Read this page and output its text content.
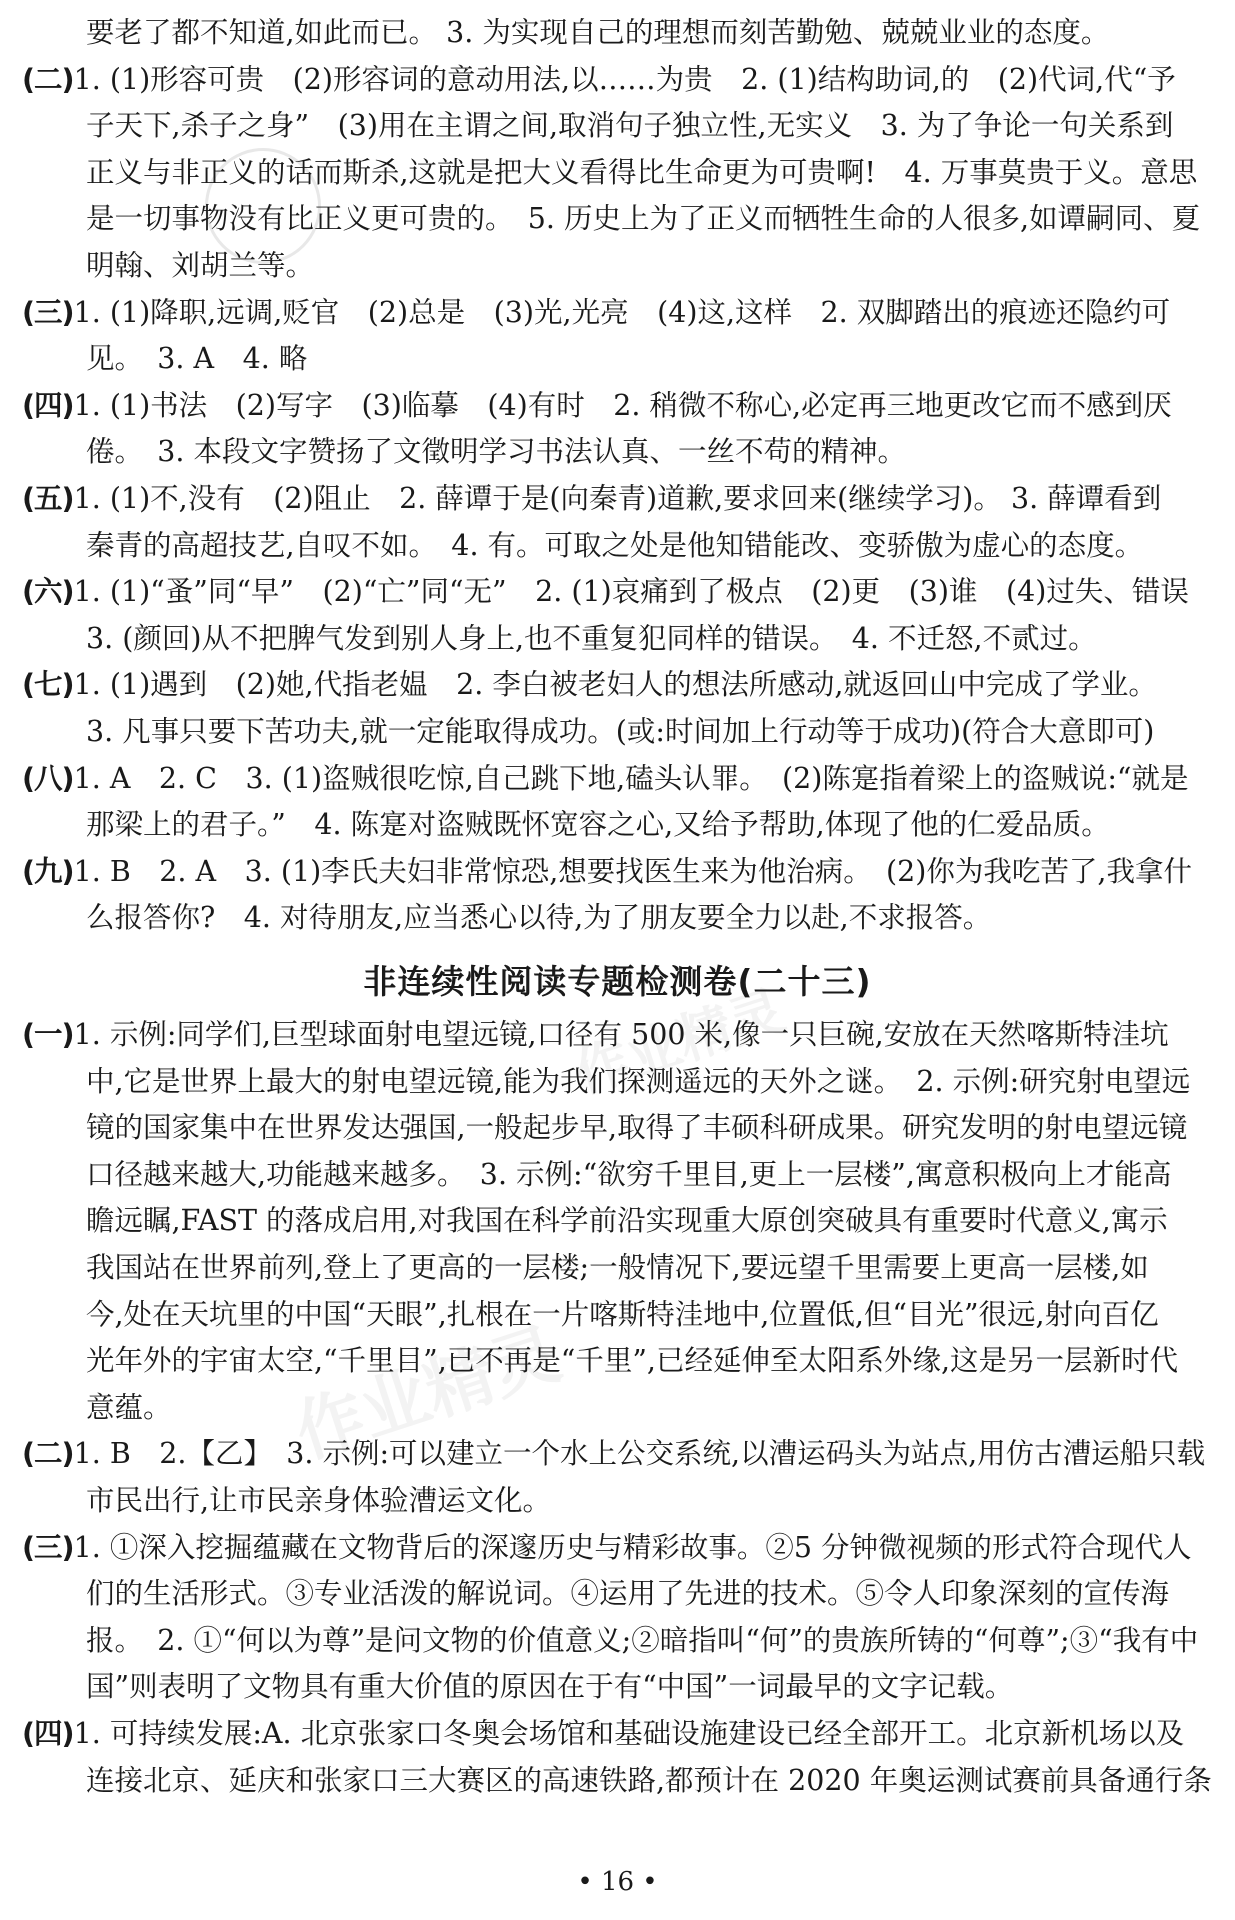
作业精灵
作业精灵
要老了都不知道,如此而已。 3. 为实现自己的理想而刻苦勤勉、兢兢业业的态度。
(二)1. (1)形容可贵　(2)形容词的意动用法,以……为贵　2. (1)结构助词,的　(2)代词,代“予
子天下,杀子之身”　(3)用在主谓之间,取消句子独立性,无实义　3. 为了争论一句关系到
正义与非正义的话而斯杀,这就是把大义看得比生命更为可贵啊!　4. 万事莫贵于义。意思
是一切事物没有比正义更可贵的。　5. 历史上为了正义而牺牲生命的人很多,如谭嗣同、夏
明翰、刘胡兰等。
(三)1. (1)降职,远调,贬官　(2)总是　(3)光,光亮　(4)这,这样　2. 双脚踏出的痕迹还隐约可
见。　3. A　4. 略
(四)1. (1)书法　(2)写字　(3)临摹　(4)有时　2. 稍微不称心,必定再三地更改它而不感到厌
倦。　3. 本段文字赞扬了文徵明学习书法认真、一丝不苟的精神。
(五)1. (1)不,没有　(2)阻止　2. 薛谭于是(向秦青)道歉,要求回来(继续学习)。 3. 薛谭看到
秦青的高超技艺,自叹不如。　4. 有。可取之处是他知错能改、变骄傲为虚心的态度。
(六)1. (1)“蚤”同“早”　(2)“亡”同“无”　2. (1)哀痛到了极点　(2)更　(3)谁　(4)过失、错误
3. (颜回)从不把脾气发到别人身上,也不重复犯同样的错误。　4. 不迁怒,不贰过。
(七)1. (1)遇到　(2)她,代指老媪　2. 李白被老妇人的想法所感动,就返回山中完成了学业。
3. 凡事只要下苦功夫,就一定能取得成功。(或:时间加上行动等于成功)(符合大意即可)
(八)1. A　2. C　3. (1)盗贼很吃惊,自己跳下地,磕头认罪。　(2)陈寔指着梁上的盗贼说:“就是
那梁上的君子。”　4. 陈寔对盗贼既怀宽容之心,又给予帮助,体现了他的仁爱品质。
(九)1. B　2. A　3. (1)李氏夫妇非常惊恐,想要找医生来为他治病。　(2)你为我吃苦了,我拿什
么报答你?　4. 对待朋友,应当悉心以待,为了朋友要全力以赴,不求报答。
非连续性阅读专题检测卷(二十三)
(一)1. 示例:同学们,巨型球面射电望远镜,口径有 500 米,像一只巨碗,安放在天然喀斯特洼坑
中,它是世界上最大的射电望远镜,能为我们探测遥远的天外之谜。　2. 示例:研究射电望远
镜的国家集中在世界发达强国,一般起步早,取得了丰硕科研成果。研究发明的射电望远镜
口径越来越大,功能越来越多。　3. 示例:“欲穷千里目,更上一层楼”,寓意积极向上才能高
瞻远瞩,FAST 的落成启用,对我国在科学前沿实现重大原创突破具有重要时代意义,寓示
我国站在世界前列,登上了更高的一层楼;一般情况下,要远望千里需要上更高一层楼,如
今,处在天坑里的中国“天眼”,扎根在一片喀斯特洼地中,位置低,但“目光”很远,射向百亿
光年外的宇宙太空,“千里目”,已不再是“千里”,已经延伸至太阳系外缘,这是另一层新时代
意蕴。
(二)1. B　2.【乙】　3. 示例:可以建立一个水上公交系统,以漕运码头为站点,用仿古漕运船只载
市民出行,让市民亲身体验漕运文化。
(三)1. ①深入挖掘蕴藏在文物背后的深邃历史与精彩故事。②5 分钟微视频的形式符合现代人
们的生活形式。③专业活泼的解说词。④运用了先进的技术。⑤令人印象深刻的宣传海
报。　2. ①“何以为尊”是问文物的价值意义;②暗指叫“何”的贵族所铸的“何尊”;③“我有中
国”则表明了文物具有重大价值的原因在于有“中国”一词最早的文字记载。
(四)1. 可持续发展:A. 北京张家口冬奥会场馆和基础设施建设已经全部开工。北京新机场以及
连接北京、延庆和张家口三大赛区的高速铁路,都预计在 2020 年奥运测试赛前具备通行条
• 16 •
